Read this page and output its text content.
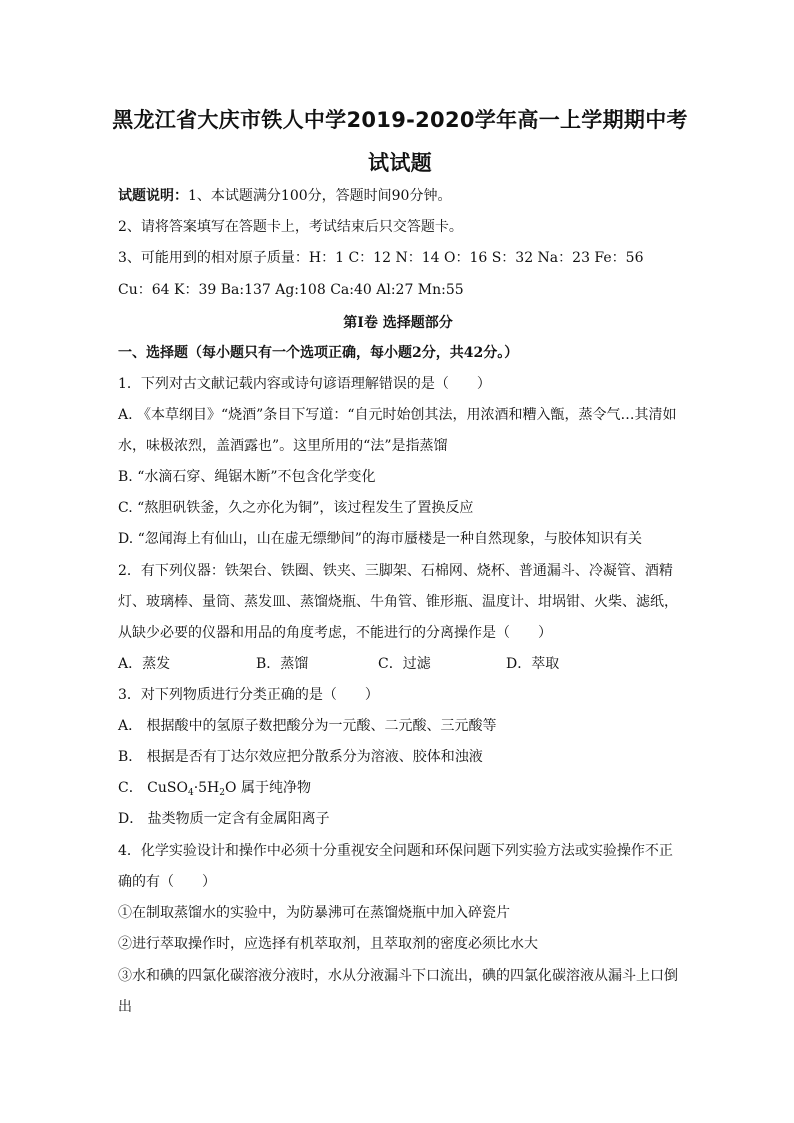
黑龙江省大庆市铁人中学2019-2020学年高一上学期期中考
试试题
试题说明：1、本试题满分100分，答题时间90分钟。
2、请将答案填写在答题卡上，考试结束后只交答题卡。
3、可能用到的相对原子质量：H：1 C：12 N：14 O：16 S：32 Na：23 Fe：56
Cu：64 K：39 Ba:137 Ag:108 Ca:40 Al:27 Mn:55
第Ⅰ卷 选择题部分
一、选择题（每小题只有一个选项正确，每小题2分，共42分。）
1．下列对古文献记载内容或诗句谚语理解错误的是（　　）
A. 《本草纲目》“烧酒”条目下写道：“自元时始创其法，用浓酒和糟入甑，蒸令气…其清如
水，味极浓烈，盖酒露也”。这里所用的“法”是指蒸馏
B. “水滴石穿、绳锯木断”不包含化学变化
C. “熬胆矾铁釜，久之亦化为铜”，该过程发生了置换反应
D. “忽闻海上有仙山，山在虚无缥缈间”的海市蜃楼是一种自然现象，与胶体知识有关
2．有下列仪器：铁架台、铁圈、铁夹、三脚架、石棉网、烧杯、普通漏斗、冷凝管、酒精
灯、玻璃棒、量筒、蒸发皿、蒸馏烧瓶、牛角管、锥形瓶、温度计、坩埚钳、火柴、滤纸，
从缺少必要的仪器和用品的角度考虑，不能进行的分离操作是（　　）
A．蒸发	B．蒸馏	C．过滤	D．萃取
3．对下列物质进行分类正确的是（　　）
A． 根据酸中的氢原子数把酸分为一元酸、二元酸、三元酸等
B． 根据是否有丁达尔效应把分散系分为溶液、胶体和浊液
C． $CuSO_4\cdot 5H_2O$ 属于纯净物
D． 盐类物质一定含有金属阳离子
4．化学实验设计和操作中必须十分重视安全问题和环保问题下列实验方法或实验操作不正
确的有（　　）
①在制取蒸馏水的实验中，为防暴沸可在蒸馏烧瓶中加入碎瓷片
②进行萃取操作时，应选择有机萃取剂，且萃取剂的密度必须比水大
③水和碘的四氯化碳溶液分液时，水从分液漏斗下口流出，碘的四氯化碳溶液从漏斗上口倒
出
